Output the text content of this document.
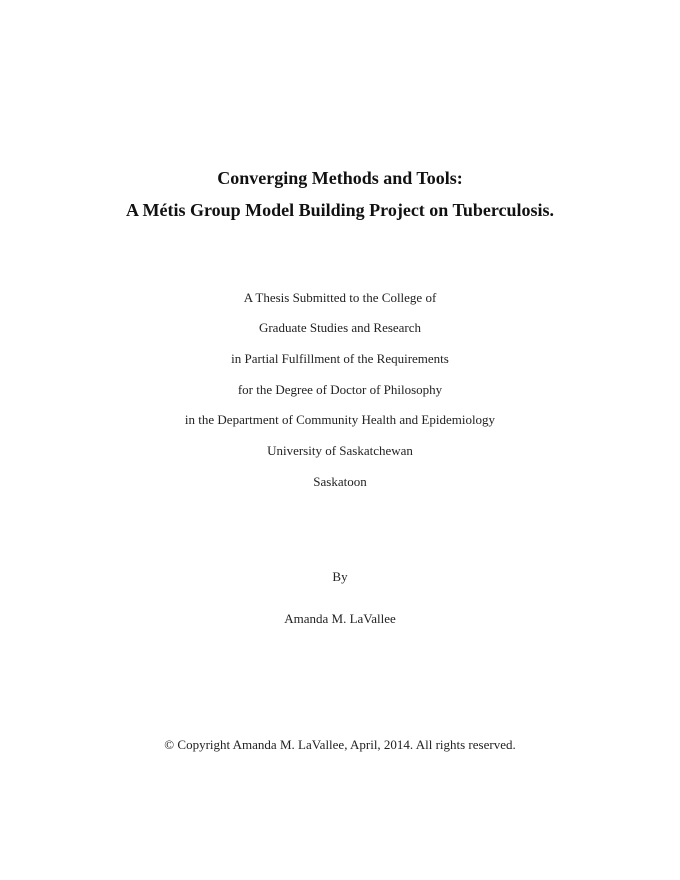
Converging Methods and Tools:
A Métis Group Model Building Project on Tuberculosis.
A Thesis Submitted to the College of
Graduate Studies and Research
in Partial Fulfillment of the Requirements
for the Degree of Doctor of Philosophy
in the Department of Community Health and Epidemiology
University of Saskatchewan
Saskatoon
By
Amanda M. LaVallee
© Copyright Amanda M. LaVallee, April, 2014. All rights reserved.
